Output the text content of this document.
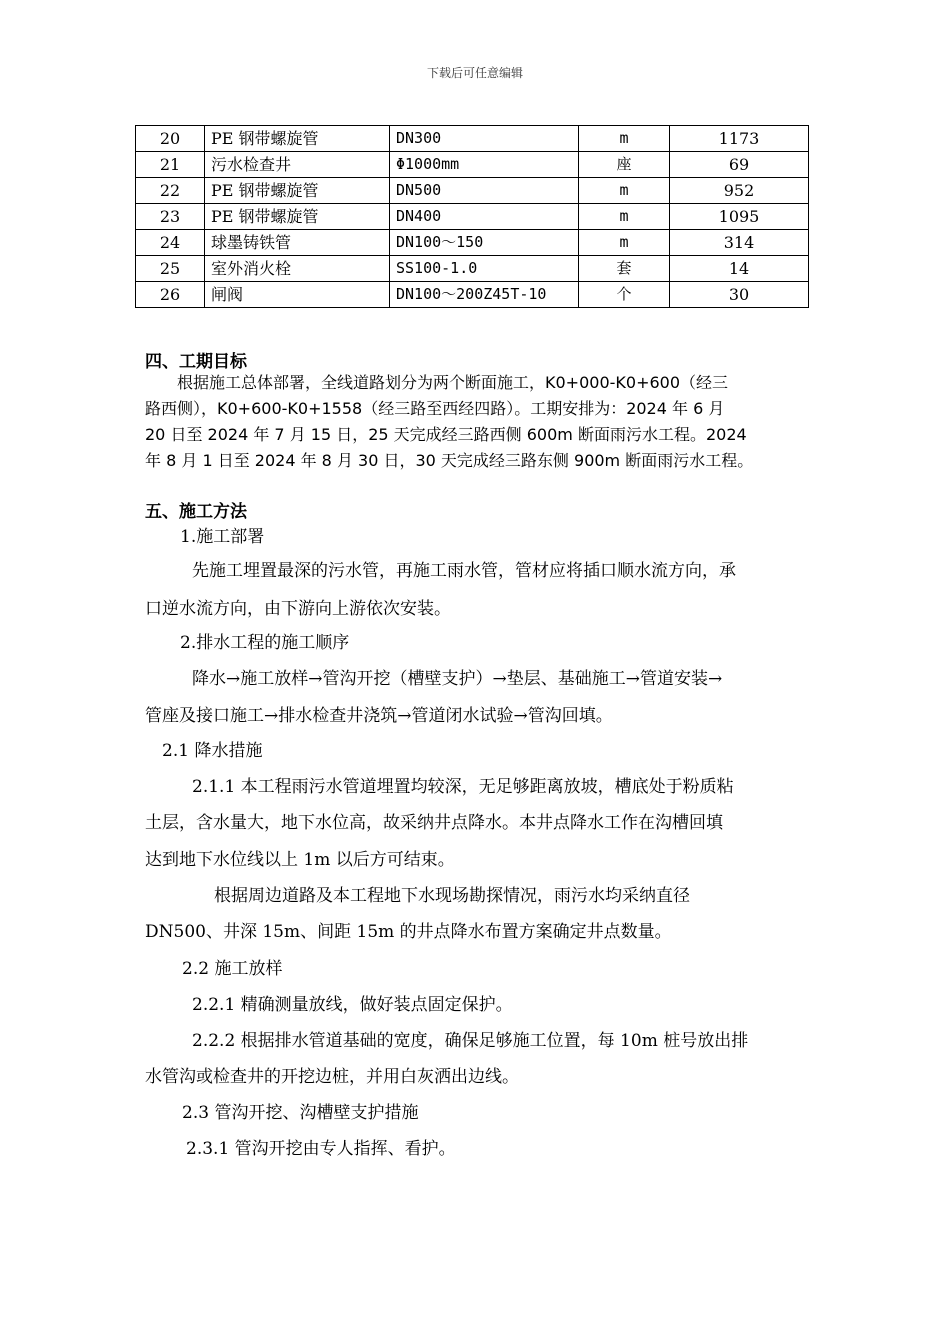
下载后可任意编辑
20	PE 钢带螺旋管	DN300	m	1173
21	污水检查井	Φ1000mm	座	69
22	PE 钢带螺旋管	DN500	m	952
23	PE 钢带螺旋管	DN400	m	1095
24	球墨铸铁管	DN100～150	m	314
25	室外消火栓	SS100-1.0	套	14
26	闸阀	DN100～200Z45T-10	个	30
四、工期目标
　　根据施工总体部署，全线道路划分为两个断面施工，K0+000-K0+600（经三
路西侧），K0+600-K0+1558（经三路至西经四路）。工期安排为：2024 年 6 月
20 日至 2024 年 7 月 15 日，25 天完成经三路西侧 600m 断面雨污水工程。2024
年 8 月 1 日至 2024 年 8 月 30 日，30 天完成经三路东侧 900m 断面雨污水工程。
五、施工方法
1.施工部署
先施工埋置最深的污水管，再施工雨水管，管材应将插口顺水流方向，承
口逆水流方向，由下游向上游依次安装。
2.排水工程的施工顺序
降水→施工放样→管沟开挖（槽壁支护）→垫层、基础施工→管道安装→
管座及接口施工→排水检查井浇筑→管道闭水试验→管沟回填。
2.1 降水措施
2.1.1 本工程雨污水管道埋置均较深，无足够距离放坡，槽底处于粉质粘
土层，含水量大，地下水位高，故采纳井点降水。本井点降水工作在沟槽回填
达到地下水位线以上 1m 以后方可结束。
根据周边道路及本工程地下水现场勘探情况，雨污水均采纳直径
DN500、井深 15m、间距 15m 的井点降水布置方案确定井点数量。
2.2 施工放样
2.2.1 精确测量放线，做好装点固定保护。
2.2.2 根据排水管道基础的宽度，确保足够施工位置，每 10m 桩号放出排
水管沟或检查井的开挖边桩，并用白灰洒出边线。
2.3 管沟开挖、沟槽壁支护措施
2.3.1 管沟开挖由专人指挥、看护。
